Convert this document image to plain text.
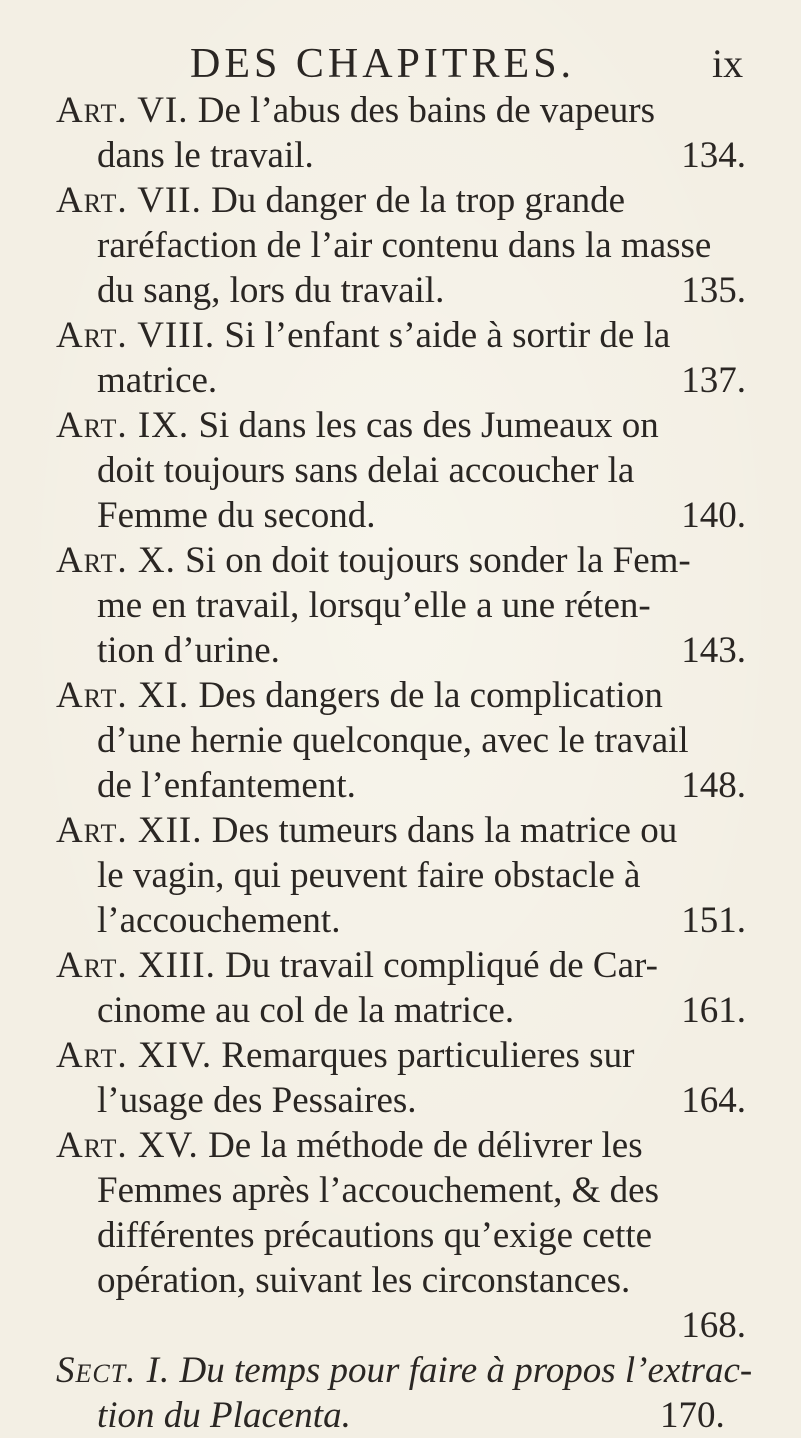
DES CHAPITRES.	ix
Art. VI. De l’abus des bains de vapeurs
dans le travail.	134.
Art. VII. Du danger de la trop grande
raréfaction de l’air contenu dans la masse
du sang, lors du travail.	135.
Art. VIII. Si l’enfant s’aide à sortir de la
matrice.	137.
Art. IX. Si dans les cas des Jumeaux on
doit toujours sans delai accoucher la
Femme du second.	140.
Art. X. Si on doit toujours sonder la Fem-
me en travail, lorsqu’elle a une réten-
tion d’urine.	143.
Art. XI. Des dangers de la complication
d’une hernie quelconque, avec le travail
de l’enfantement.	148.
Art. XII. Des tumeurs dans la matrice ou
le vagin, qui peuvent faire obstacle à
l’accouchement.	151.
Art. XIII. Du travail compliqué de Car-
cinome au col de la matrice.	161.
Art. XIV. Remarques particulieres sur
l’usage des Pessaires.	164.
Art. XV. De la méthode de délivrer les
Femmes après l’accouchement, & des
différentes précautions qu’exige cette
opération, suivant les circonstances.
168.
Sect. I. Du temps pour faire à propos l’extrac-
tion du Placenta.	170.
